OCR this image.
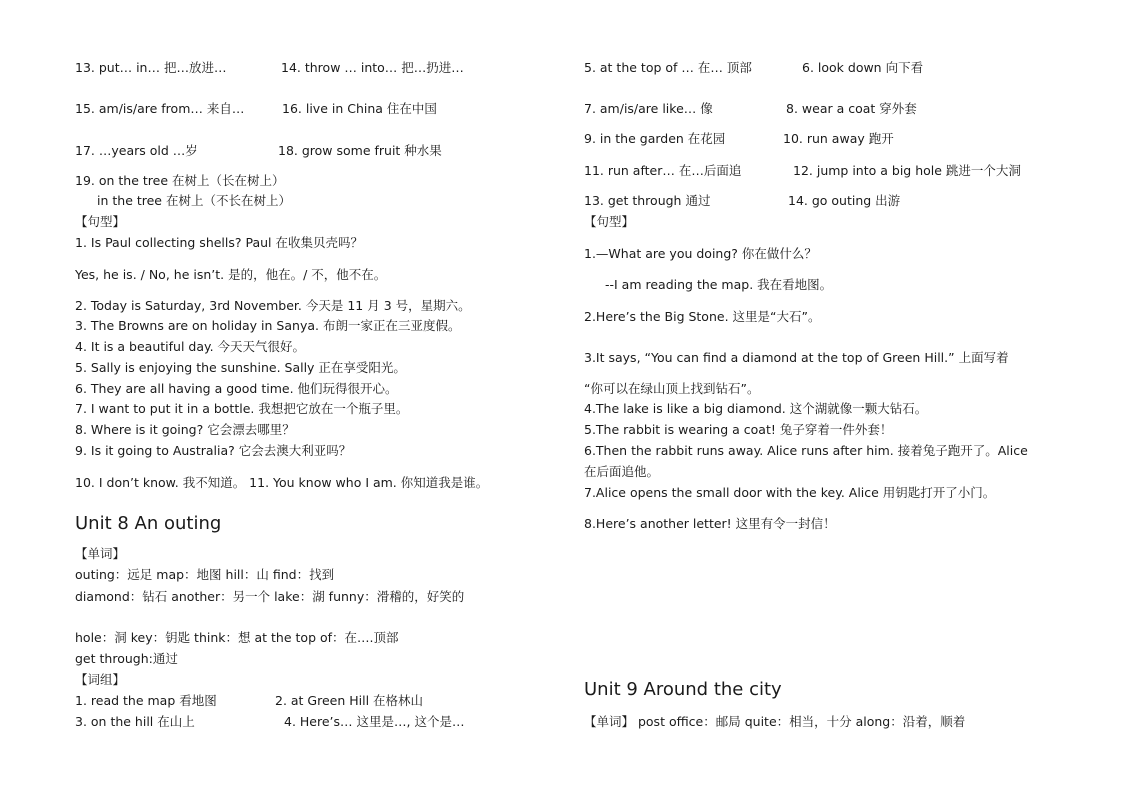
13. put… in… 把…放进…	14. throw … into… 把…扔进…
15. am/is/are from… 来自…	16. live in China 住在中国
17. …years old …岁	18. grow some fruit 种水果
19. on the tree 在树上（长在树上）
in the tree 在树上（不长在树上）
【句型】
1. Is Paul collecting shells? Paul 在收集贝壳吗？
Yes, he is. / No, he isn’t. 是的，他在。/ 不，他不在。
2. Today is Saturday, 3rd November. 今天是 11 月 3 号，星期六。
3. The Browns are on holiday in Sanya. 布朗一家正在三亚度假。
4. It is a beautiful day. 今天天气很好。
5. Sally is enjoying the sunshine. Sally 正在享受阳光。
6. They are all having a good time. 他们玩得很开心。
7. I want to put it in a bottle. 我想把它放在一个瓶子里。
8. Where is it going? 它会漂去哪里？
9. Is it going to Australia? 它会去澳大利亚吗？
10. I don’t know. 我不知道。 11. You know who I am. 你知道我是谁。
Unit 8 An outing
【单词】
outing：远足 map：地图 hill：山 find：找到
diamond：钻石 another：另一个 lake：湖 funny：滑稽的，好笑的
hole：洞 key：钥匙 think：想 at the top of：在….顶部
get through:通过
【词组】
1. read the map 看地图	2. at Green Hill 在格林山
3. on the hill 在山上	4. Here’s… 这里是…, 这个是…
5. at the top of … 在… 顶部	6. look down 向下看
7. am/is/are like… 像	8. wear a coat 穿外套
9. in the garden 在花园	10. run away 跑开
11. run after… 在…后面追	12. jump into a big hole 跳进一个大洞
13. get through 通过	14. go outing 出游
【句型】
1.—What are you doing? 你在做什么？
--I am reading the map. 我在看地图。
2.Here’s the Big Stone. 这里是“大石”。
3.It says, “You can find a diamond at the top of Green Hill.” 上面写着
“你可以在绿山顶上找到钻石”。
4.The lake is like a big diamond. 这个湖就像一颗大钻石。
5.The rabbit is wearing a coat! 兔子穿着一件外套！
6.Then the rabbit runs away. Alice runs after him. 接着兔子跑开了。Alice
在后面追他。
7.Alice opens the small door with the key. Alice 用钥匙打开了小门。
8.Here’s another letter! 这里有令一封信！
Unit 9 Around the city
【单词】 post office：邮局 quite：相当，十分 along：沿着，顺着
